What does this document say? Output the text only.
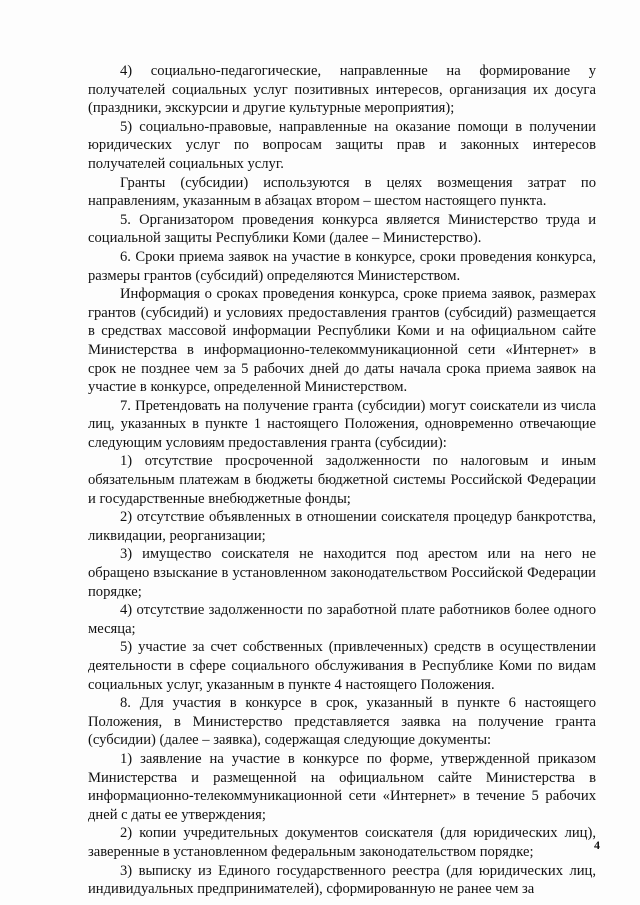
4) социально-педагогические, направленные на формирование у получателей социальных услуг позитивных интересов, организация их досуга (праздники, экскурсии и другие культурные мероприятия);

5) социально-правовые, направленные на оказание помощи в получении юридических услуг по вопросам защиты прав и законных интересов получателей социальных услуг.

Гранты (субсидии) используются в целях возмещения затрат по направлениям, указанным в абзацах втором – шестом настоящего пункта.

5. Организатором проведения конкурса является Министерство труда и социальной защиты Республики Коми (далее – Министерство).

6. Сроки приема заявок на участие в конкурсе, сроки проведения конкурса, размеры грантов (субсидий) определяются Министерством.

Информация о сроках проведения конкурса, сроке приема заявок, размерах грантов (субсидий) и условиях предоставления грантов (субсидий) размещается в средствах массовой информации Республики Коми и на официальном сайте Министерства в информационно-телекоммуникационной сети «Интернет» в срок не позднее чем за 5 рабочих дней до даты начала срока приема заявок на участие в конкурсе, определенной Министерством.

7. Претендовать на получение гранта (субсидии) могут соискатели из числа лиц, указанных в пункте 1 настоящего Положения, одновременно отвечающие следующим условиям предоставления гранта (субсидии):

1) отсутствие просроченной задолженности по налоговым и иным обязательным платежам в бюджеты бюджетной системы Российской Федерации и государственные внебюджетные фонды;

2) отсутствие объявленных в отношении соискателя процедур банкротства, ликвидации, реорганизации;

3) имущество соискателя не находится под арестом или на него не обращено взыскание в установленном законодательством Российской Федерации порядке;

4) отсутствие задолженности по заработной плате работников более одного месяца;

5) участие за счет собственных (привлеченных) средств в осуществлении деятельности в сфере социального обслуживания в Республике Коми по видам социальных услуг, указанным в пункте 4 настоящего Положения.

8. Для участия в конкурсе в срок, указанный в пункте 6 настоящего Положения, в Министерство представляется заявка на получение гранта (субсидии) (далее – заявка), содержащая следующие документы:

1) заявление на участие в конкурсе по форме, утвержденной приказом Министерства и размещенной на официальном сайте Министерства в информационно-телекоммуникационной сети «Интернет» в течение 5 рабочих дней с даты ее утверждения;

2) копии учредительных документов соискателя (для юридических лиц), заверенные в установленном федеральным законодательством порядке;

3) выписку из Единого государственного реестра (для юридических лиц, индивидуальных предпринимателей), сформированную не ранее чем за

4
